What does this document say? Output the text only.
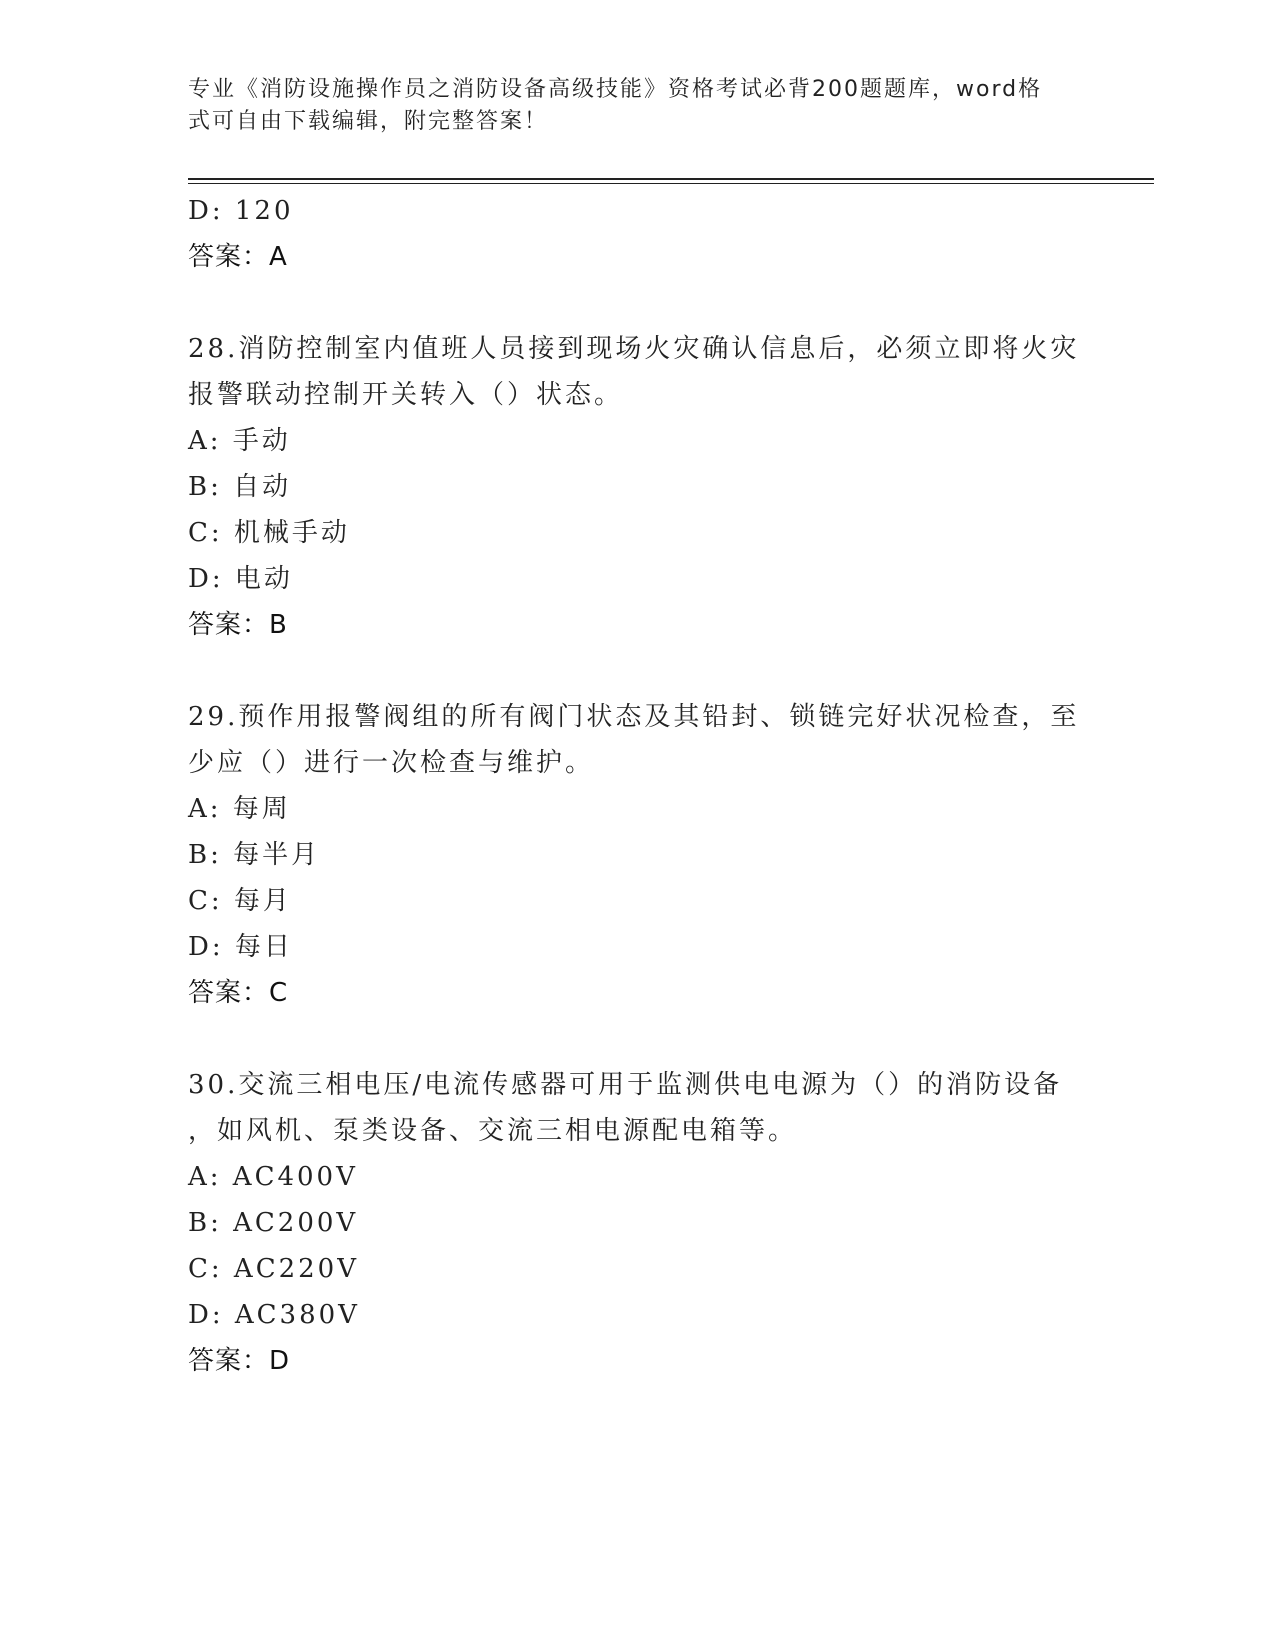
专业《消防设施操作员之消防设备高级技能》资格考试必背200题题库，word格
式可自由下载编辑，附完整答案！
D: 120
答案：A
28.消防控制室内值班人员接到现场火灾确认信息后，必须立即将火灾
报警联动控制开关转入（）状态。
A: 手动
B: 自动
C: 机械手动
D: 电动
答案：B
29.预作用报警阀组的所有阀门状态及其铅封、锁链完好状况检查，至
少应（）进行一次检查与维护。
A: 每周
B: 每半月
C: 每月
D: 每日
答案：C
30.交流三相电压/电流传感器可用于监测供电电源为（）的消防设备
，如风机、泵类设备、交流三相电源配电箱等。
A: AC400V
B: AC200V
C: AC220V
D: AC380V
答案：D
